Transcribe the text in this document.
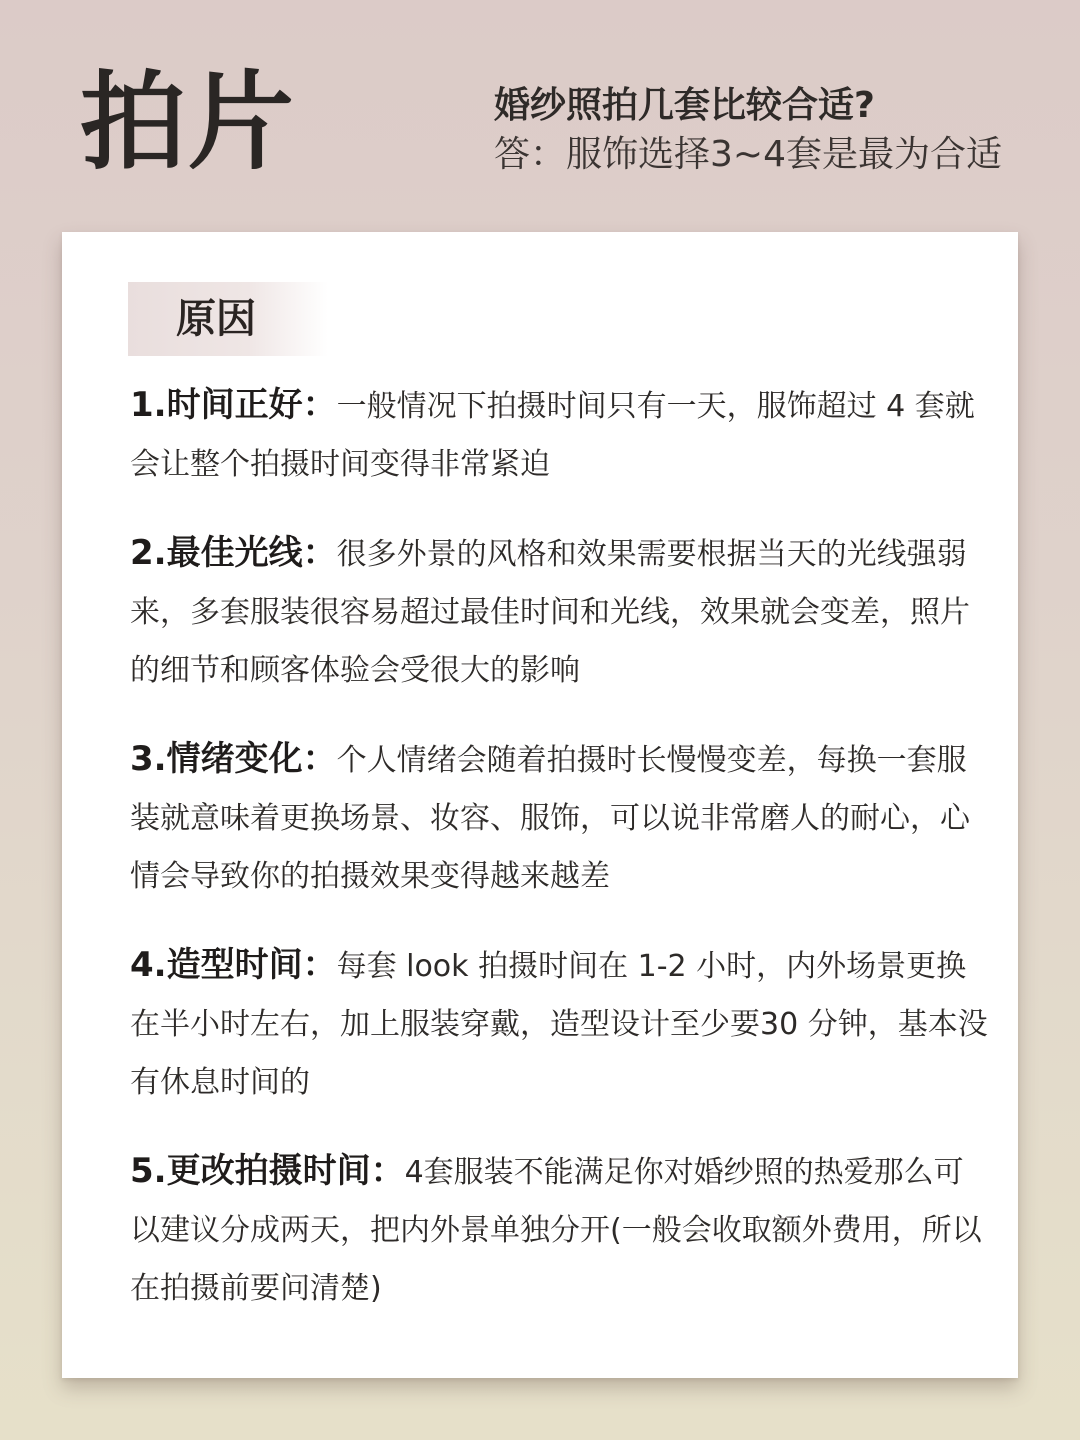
拍片	婚纱照拍几套比较合适?
答：服饰选择3~4套是最为合适
原因
1.时间正好：一般情况下拍摄时间只有一天，服饰超过 4 套就会让整个拍摄时间变得非常紧迫
2.最佳光线：很多外景的风格和效果需要根据当天的光线强弱来，多套服装很容易超过最佳时间和光线，效果就会变差，照片的细节和顾客体验会受很大的影响
3.情绪变化：个人情绪会随着拍摄时长慢慢变差，每换一套服装就意味着更换场景、妆容、服饰，可以说非常磨人的耐心，心情会导致你的拍摄效果变得越来越差
4.造型时间：每套 look 拍摄时间在 1-2 小时，内外场景更换在半小时左右，加上服装穿戴，造型设计至少要30 分钟，基本没有休息时间的
5.更改拍摄时间：4套服装不能满足你对婚纱照的热爱那么可以建议分成两天，把内外景单独分开(一般会收取额外费用，所以在拍摄前要问清楚)
